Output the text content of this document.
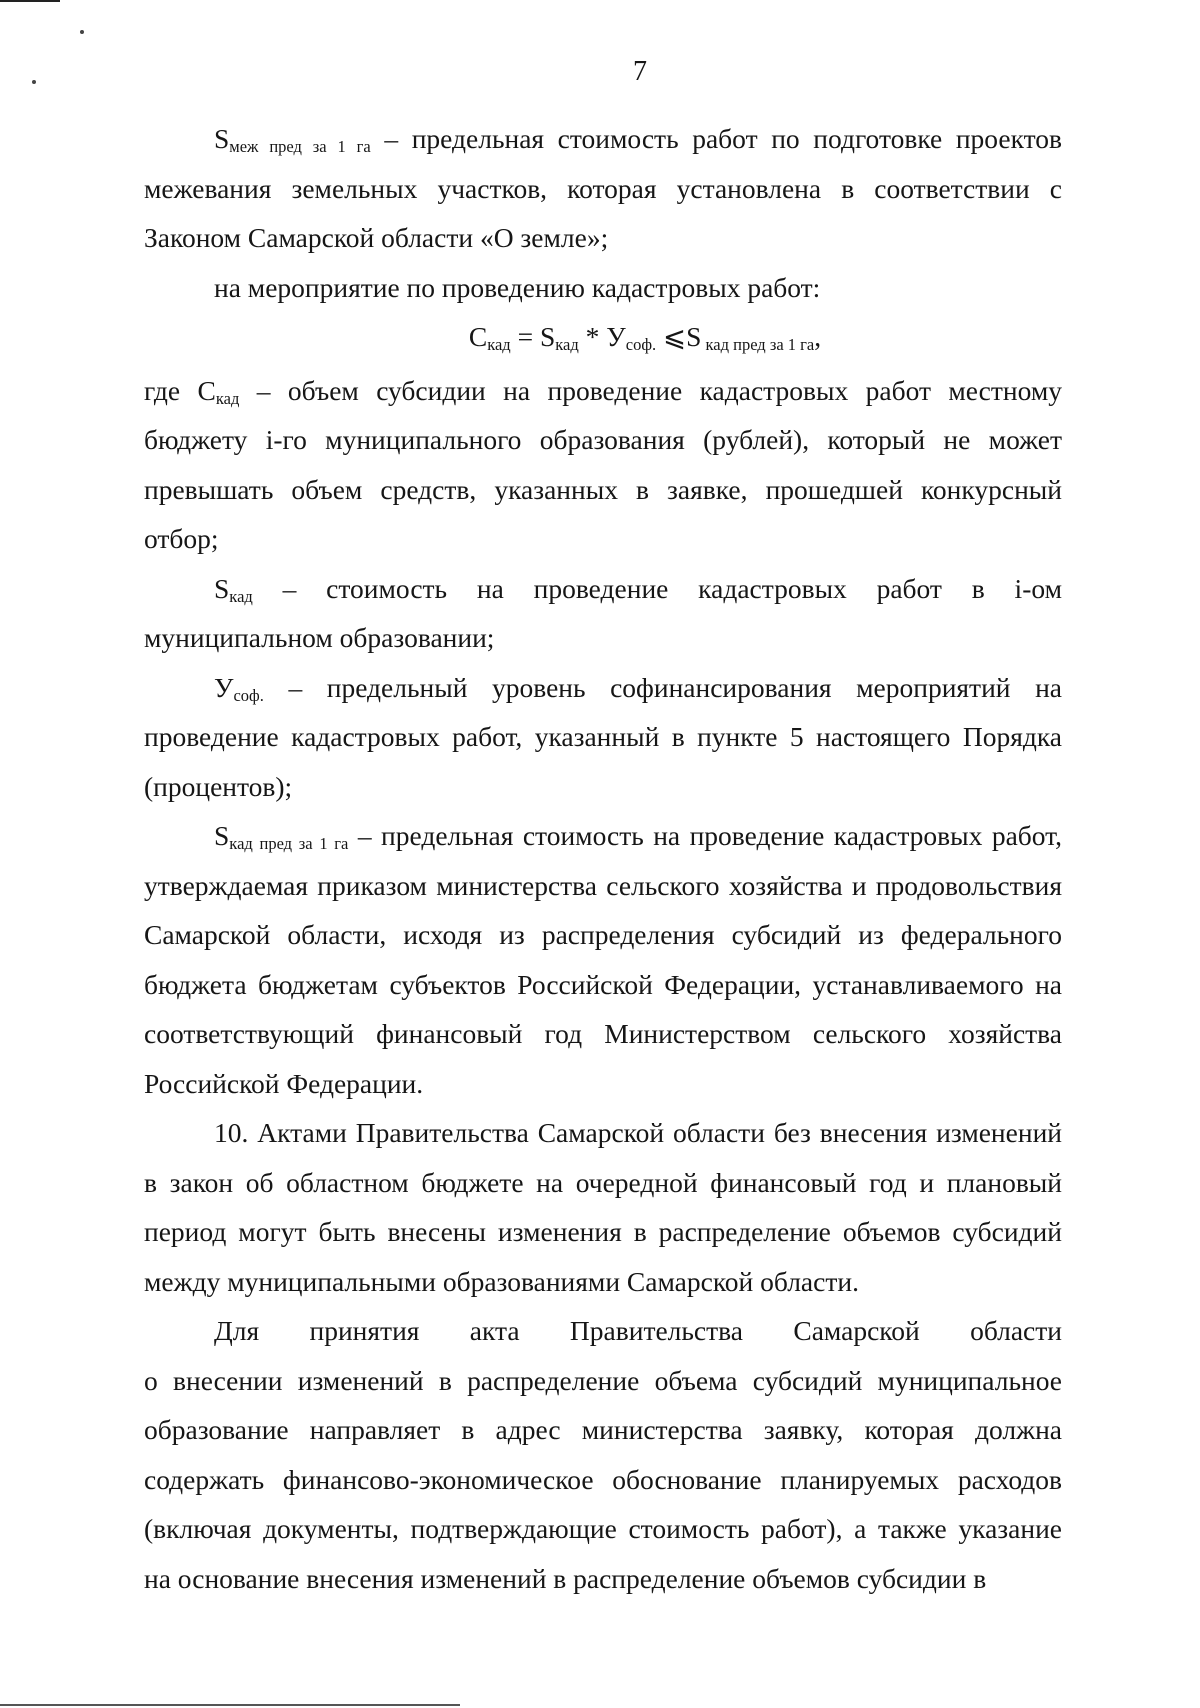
7

$S_{меж пред за 1 га}$ – предельная стоимость работ по подготовке проектов межевания земельных участков, которая установлена в соответствии с Законом Самарской области «О земле»;

на мероприятие по проведению кадастровых работ:

$С_{кад} = S_{кад} * У_{соф.}$ ⩽S $_{кад пред за 1 га}$,

где $С_{кад}$ – объем субсидии на проведение кадастровых работ местному бюджету i-го муниципального образования (рублей), который не может превышать объем средств, указанных в заявке, прошедшей конкурсный отбор;

$S_{кад}$ – стоимость на проведение кадастровых работ в i-ом муниципальном образовании;

$У_{соф.}$ – предельный уровень софинансирования мероприятий на проведение кадастровых работ, указанный в пункте 5 настоящего Порядка (процентов);

$S_{кад пред за 1 га}$ – предельная стоимость на проведение кадастровых работ, утверждаемая приказом министерства сельского хозяйства и продовольствия Самарской области, исходя из распределения субсидий из федерального бюджета бюджетам субъектов Российской Федерации, устанавливаемого на соответствующий финансовый год Министерством сельского хозяйства Российской Федерации.

10. Актами Правительства Самарской области без внесения изменений в закон об областном бюджете на очередной финансовый год и плановый период могут быть внесены изменения в распределение объемов субсидий между муниципальными образованиями Самарской области.

Для принятия акта Правительства Самарской области

о внесении изменений в распределение объема субсидий муниципальное образование направляет в адрес министерства заявку, которая должна содержать финансово-экономическое обоснование планируемых расходов (включая документы, подтверждающие стоимость работ), а также указание на основание внесения изменений в распределение объемов субсидии в
